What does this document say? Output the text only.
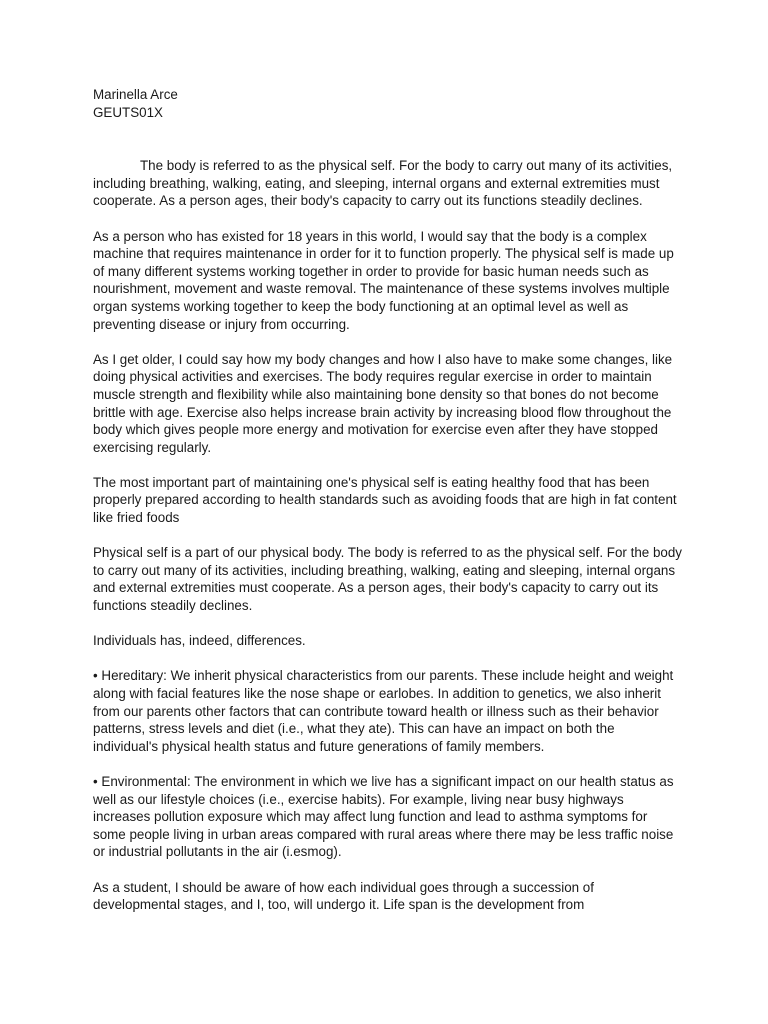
Marinella Arce
GEUTS01X

The body is referred to as the physical self. For the body to carry out many of its activities, including breathing, walking, eating, and sleeping, internal organs and external extremities must cooperate. As a person ages, their body's capacity to carry out its functions steadily declines.

As a person who has existed for 18 years in this world, I would say that the body is a complex machine that requires maintenance in order for it to function properly. The physical self is made up of many different systems working together in order to provide for basic human needs such as nourishment, movement and waste removal. The maintenance of these systems involves multiple organ systems working together to keep the body functioning at an optimal level as well as preventing disease or injury from occurring.

As I get older, I could say how my body changes and how I also have to make some changes, like doing physical activities and exercises. The body requires regular exercise in order to maintain muscle strength and flexibility while also maintaining bone density so that bones do not become brittle with age. Exercise also helps increase brain activity by increasing blood flow throughout the body which gives people more energy and motivation for exercise even after they have stopped exercising regularly.

The most important part of maintaining one's physical self is eating healthy food that has been properly prepared according to health standards such as avoiding foods that are high in fat content like fried foods

Physical self is a part of our physical body. The body is referred to as the physical self. For the body to carry out many of its activities, including breathing, walking, eating and sleeping, internal organs and external extremities must cooperate. As a person ages, their body's capacity to carry out its functions steadily declines.

Individuals has, indeed, differences.

• Hereditary: We inherit physical characteristics from our parents. These include height and weight along with facial features like the nose shape or earlobes. In addition to genetics, we also inherit from our parents other factors that can contribute toward health or illness such as their behavior patterns, stress levels and diet (i.e., what they ate). This can have an impact on both the individual's physical health status and future generations of family members.

• Environmental: The environment in which we live has a significant impact on our health status as well as our lifestyle choices (i.e., exercise habits). For example, living near busy highways increases pollution exposure which may affect lung function and lead to asthma symptoms for some people living in urban areas compared with rural areas where there may be less traffic noise or industrial pollutants in the air (i.esmog).

As a student, I should be aware of how each individual goes through a succession of developmental stages, and I, too, will undergo it. Life span is the development from
